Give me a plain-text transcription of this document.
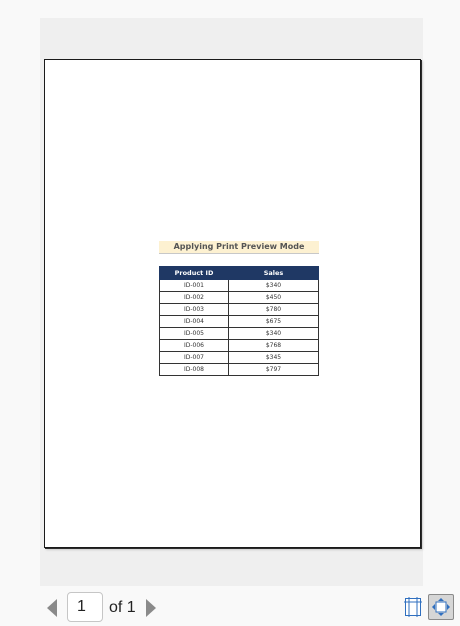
Applying Print Preview Mode
Product ID	Sales
ID-001	$340
ID-002	$450
ID-003	$780
ID-004	$675
ID-005	$340
ID-006	$768
ID-007	$345
ID-008	$797
1
of 1
